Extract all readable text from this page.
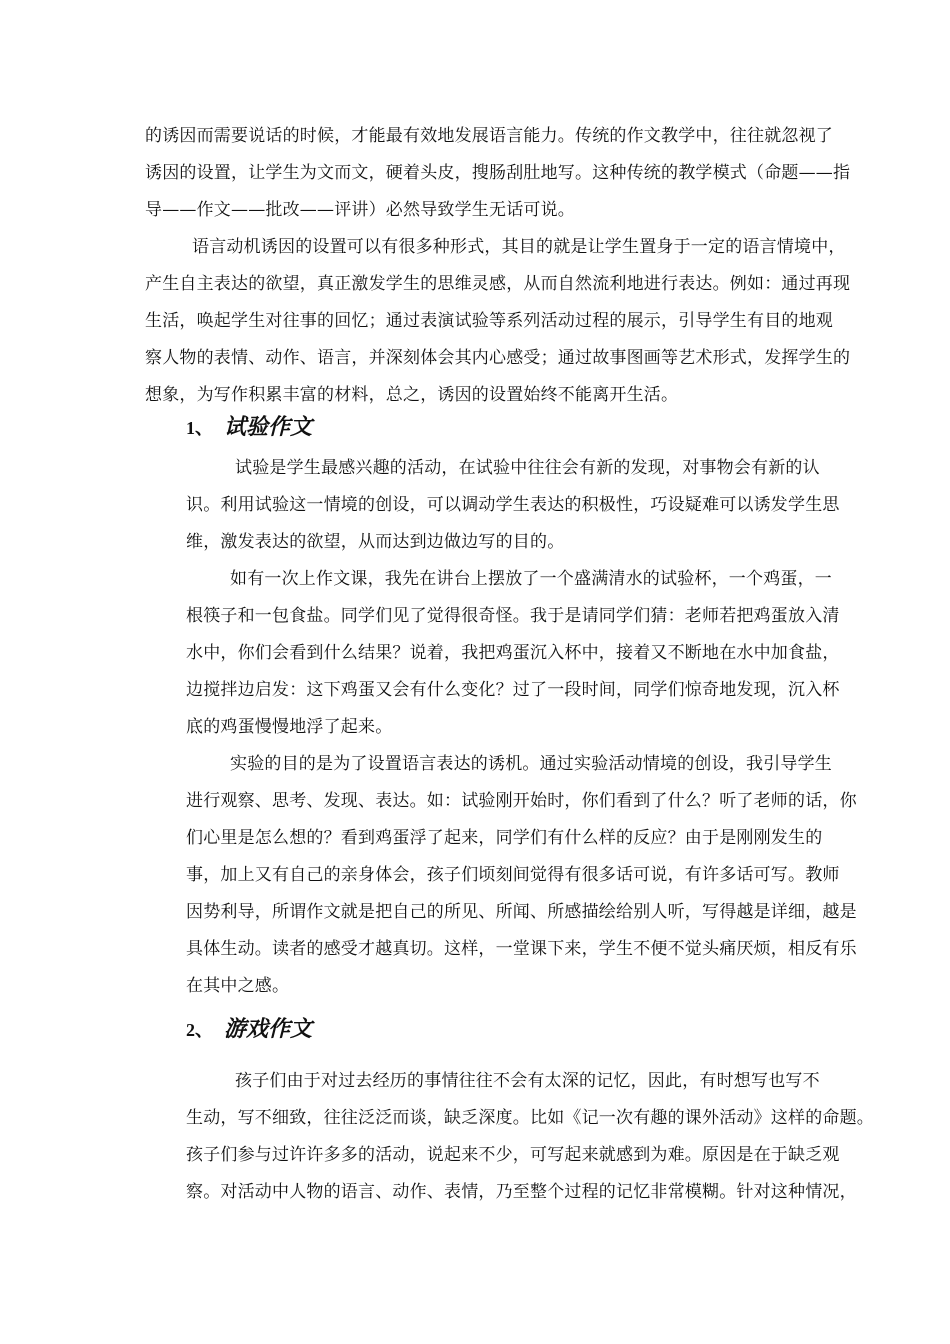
的诱因而需要说话的时候，才能最有效地发展语言能力。传统的作文教学中，往往就忽视了
诱因的设置，让学生为文而文，硬着头皮，搜肠刮肚地写。这种传统的教学模式（命题——指
导——作文——批改——评讲）必然导致学生无话可说。
语言动机诱因的设置可以有很多种形式，其目的就是让学生置身于一定的语言情境中，
产生自主表达的欲望，真正激发学生的思维灵感，从而自然流利地进行表达。例如：通过再现
生活，唤起学生对往事的回忆；通过表演试验等系列活动过程的展示，引导学生有目的地观
察人物的表情、动作、语言，并深刻体会其内心感受；通过故事图画等艺术形式，发挥学生的
想象，为写作积累丰富的材料，总之，诱因的设置始终不能离开生活。
1、 试验作文
试验是学生最感兴趣的活动，在试验中往往会有新的发现，对事物会有新的认
识。利用试验这一情境的创设，可以调动学生表达的积极性，巧设疑难可以诱发学生思
维，激发表达的欲望，从而达到边做边写的目的。
如有一次上作文课，我先在讲台上摆放了一个盛满清水的试验杯，一个鸡蛋，一
根筷子和一包食盐。同学们见了觉得很奇怪。我于是请同学们猜：老师若把鸡蛋放入清
水中，你们会看到什么结果？说着，我把鸡蛋沉入杯中，接着又不断地在水中加食盐，
边搅拌边启发：这下鸡蛋又会有什么变化？过了一段时间，同学们惊奇地发现，沉入杯
底的鸡蛋慢慢地浮了起来。
实验的目的是为了设置语言表达的诱机。通过实验活动情境的创设，我引导学生
进行观察、思考、发现、表达。如：试验刚开始时，你们看到了什么？听了老师的话，你
们心里是怎么想的？看到鸡蛋浮了起来，同学们有什么样的反应？由于是刚刚发生的
事，加上又有自己的亲身体会，孩子们顷刻间觉得有很多话可说，有许多话可写。教师
因势利导，所谓作文就是把自己的所见、所闻、所感描绘给别人听，写得越是详细，越是
具体生动。读者的感受才越真切。这样，一堂课下来，学生不便不觉头痛厌烦，相反有乐
在其中之感。
2、 游戏作文
孩子们由于对过去经历的事情往往不会有太深的记忆，因此，有时想写也写不
生动，写不细致，往往泛泛而谈，缺乏深度。比如《记一次有趣的课外活动》这样的命题。
孩子们参与过许许多多的活动，说起来不少，可写起来就感到为难。原因是在于缺乏观
察。对活动中人物的语言、动作、表情，乃至整个过程的记忆非常模糊。针对这种情况，
